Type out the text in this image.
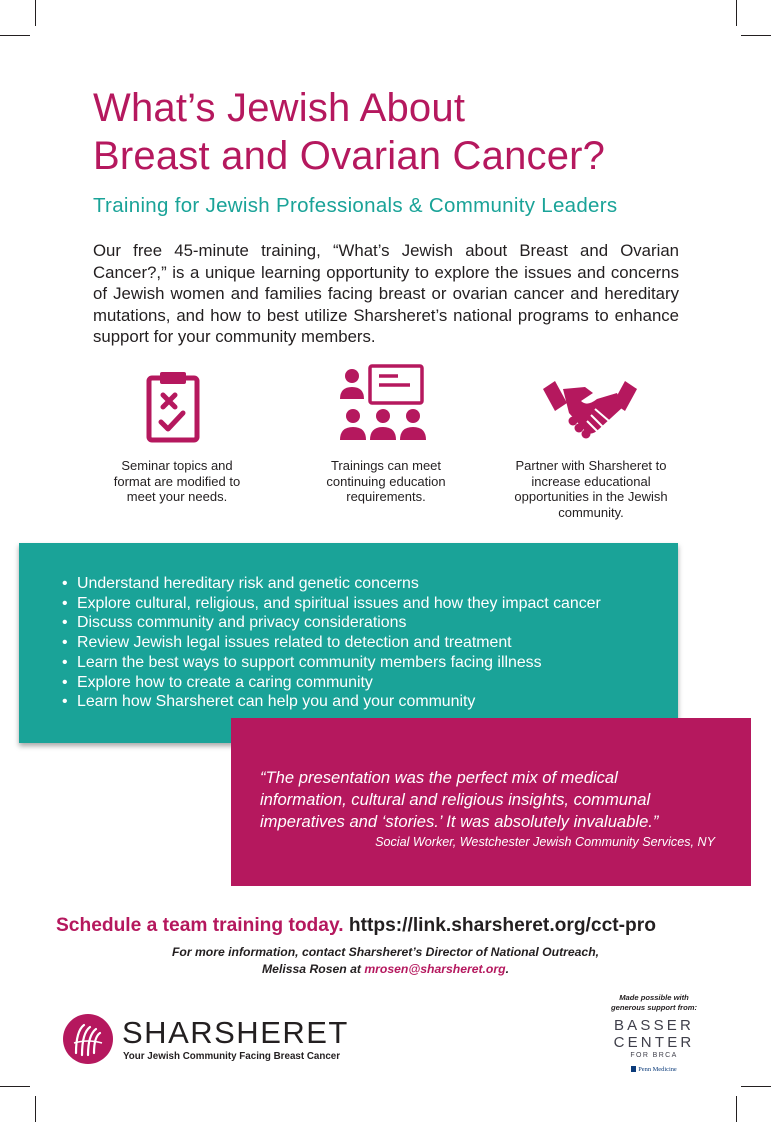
What’s Jewish About
Breast and Ovarian Cancer?
Training for Jewish Professionals & Community Leaders

Our free 45-minute training, “What’s Jewish about Breast and Ovarian Cancer?,” is a unique learning opportunity to explore the issues and concerns of Jewish women and families facing breast or ovarian cancer and hereditary mutations, and how to best utilize Sharsheret’s national programs to enhance support for your community members.

Seminar topics and format are modified to meet your needs.

Trainings can meet continuing education requirements.

Partner with Sharsheret to increase educational opportunities in the Jewish community.

• Understand hereditary risk and genetic concerns
• Explore cultural, religious, and spiritual issues and how they impact cancer
• Discuss community and privacy considerations
• Review Jewish legal issues related to detection and treatment
• Learn the best ways to support community members facing illness
• Explore how to create a caring community
• Learn how Sharsheret can help you and your community

“The presentation was the perfect mix of medical
information, cultural and religious insights, communal
imperatives and ‘stories.’ It was absolutely invaluable.”

Social Worker, Westchester Jewish Community Services, NY
Schedule a team training today. https://link.sharsheret.org/cct-pro
For more information, contact Sharsheret’s Director of National Outreach,
Melissa Rosen at mrosen@sharsheret.org.
SHARSHERET
Your Jewish Community Facing Breast Cancer

Made possible with
generous support from:

BASSER
CENTER
FOR BRCA
Penn Medicine
